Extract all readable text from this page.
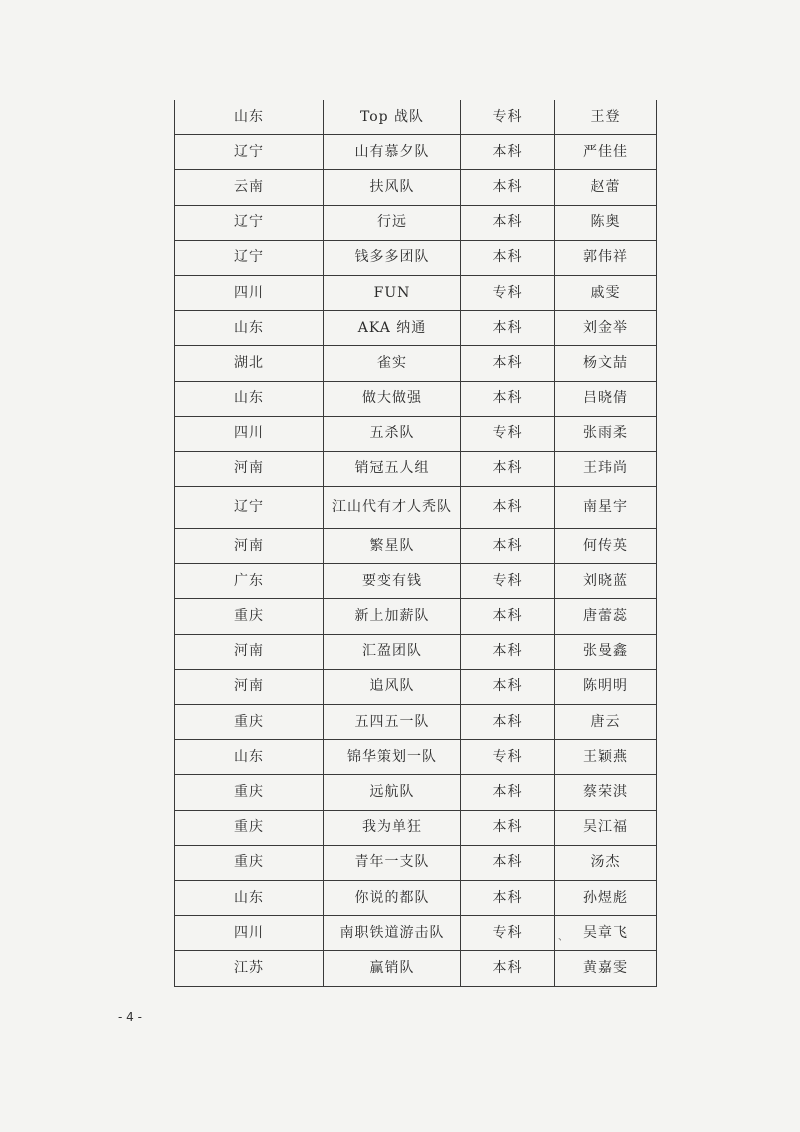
山东	Top 战队	专科	王登
辽宁	山有慕夕队	本科	严佳佳
云南	扶风队	本科	赵蕾
辽宁	行远	本科	陈奥
辽宁	钱多多团队	本科	郭伟祥
四川	FUN	专科	戚雯
山东	AKA 纳通	本科	刘金举
湖北	雀实	本科	杨文喆
山东	做大做强	本科	吕晓倩
四川	五杀队	专科	张雨柔
河南	销冠五人组	本科	王玮尚
辽宁	江山代有才人秃队	本科	南星宇
河南	繁星队	本科	何传英
广东	要变有钱	专科	刘晓蓝
重庆	新上加薪队	本科	唐蕾蕊
河南	汇盈团队	本科	张曼鑫
河南	追风队	本科	陈明明
重庆	五四五一队	本科	唐云
山东	锦华策划一队	专科	王颖燕
重庆	远航队	本科	蔡荣淇
重庆	我为单狂	本科	吴江福
重庆	青年一支队	本科	汤杰
山东	你说的都队	本科	孙煜彪
四川	南职铁道游击队	专科	吴章飞
江苏	赢销队	本科	黄嘉雯
、
- 4 -
